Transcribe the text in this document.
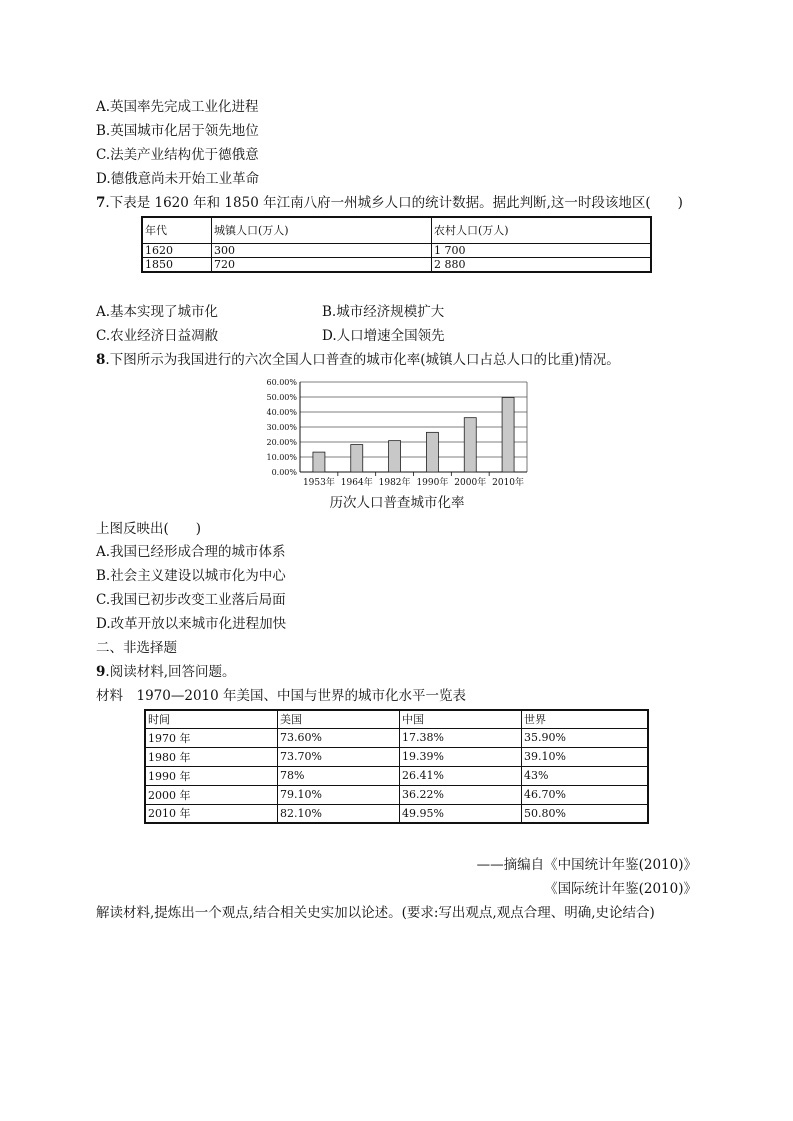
A.英国率先完成工业化进程
B.英国城市化居于领先地位
C.法美产业结构优于德俄意
D.德俄意尚未开始工业革命
7.下表是 1620 年和 1850 年江南八府一州城乡人口的统计数据。据此判断,这一时段该地区(　　)
年代	城镇人口(万人)	农村人口(万人)
1620	300	1 700
1850	720	2 880
A.基本实现了城市化	B.城市经济规模扩大
C.农业经济日益凋敝	D.人口增速全国领先
8.下图所示为我国进行的六次全国人口普查的城市化率(城镇人口占总人口的比重)情况。
0.00%
10.00%
20.00%
30.00%
40.00%
50.00%
60.00%
1953年 1964年 1982年 1990年 2000年 2010年
历次人口普查城市化率
上图反映出(　　)
A.我国已经形成合理的城市体系
B.社会主义建设以城市化为中心
C.我国已初步改变工业落后局面
D.改革开放以来城市化进程加快
二、非选择题
9.阅读材料,回答问题。
材料　1970—2010 年美国、中国与世界的城市化水平一览表
时间	美国	中国	世界
1970 年	73.60%	17.38%	35.90%
1980 年	73.70%	19.39%	39.10%
1990 年	78%	26.41%	43%
2000 年	79.10%	36.22%	46.70%
2010 年	82.10%	49.95%	50.80%
——摘编自《中国统计年鉴(2010)》
《国际统计年鉴(2010)》
解读材料,提炼出一个观点,结合相关史实加以论述。(要求:写出观点,观点合理、明确,史论结合)
